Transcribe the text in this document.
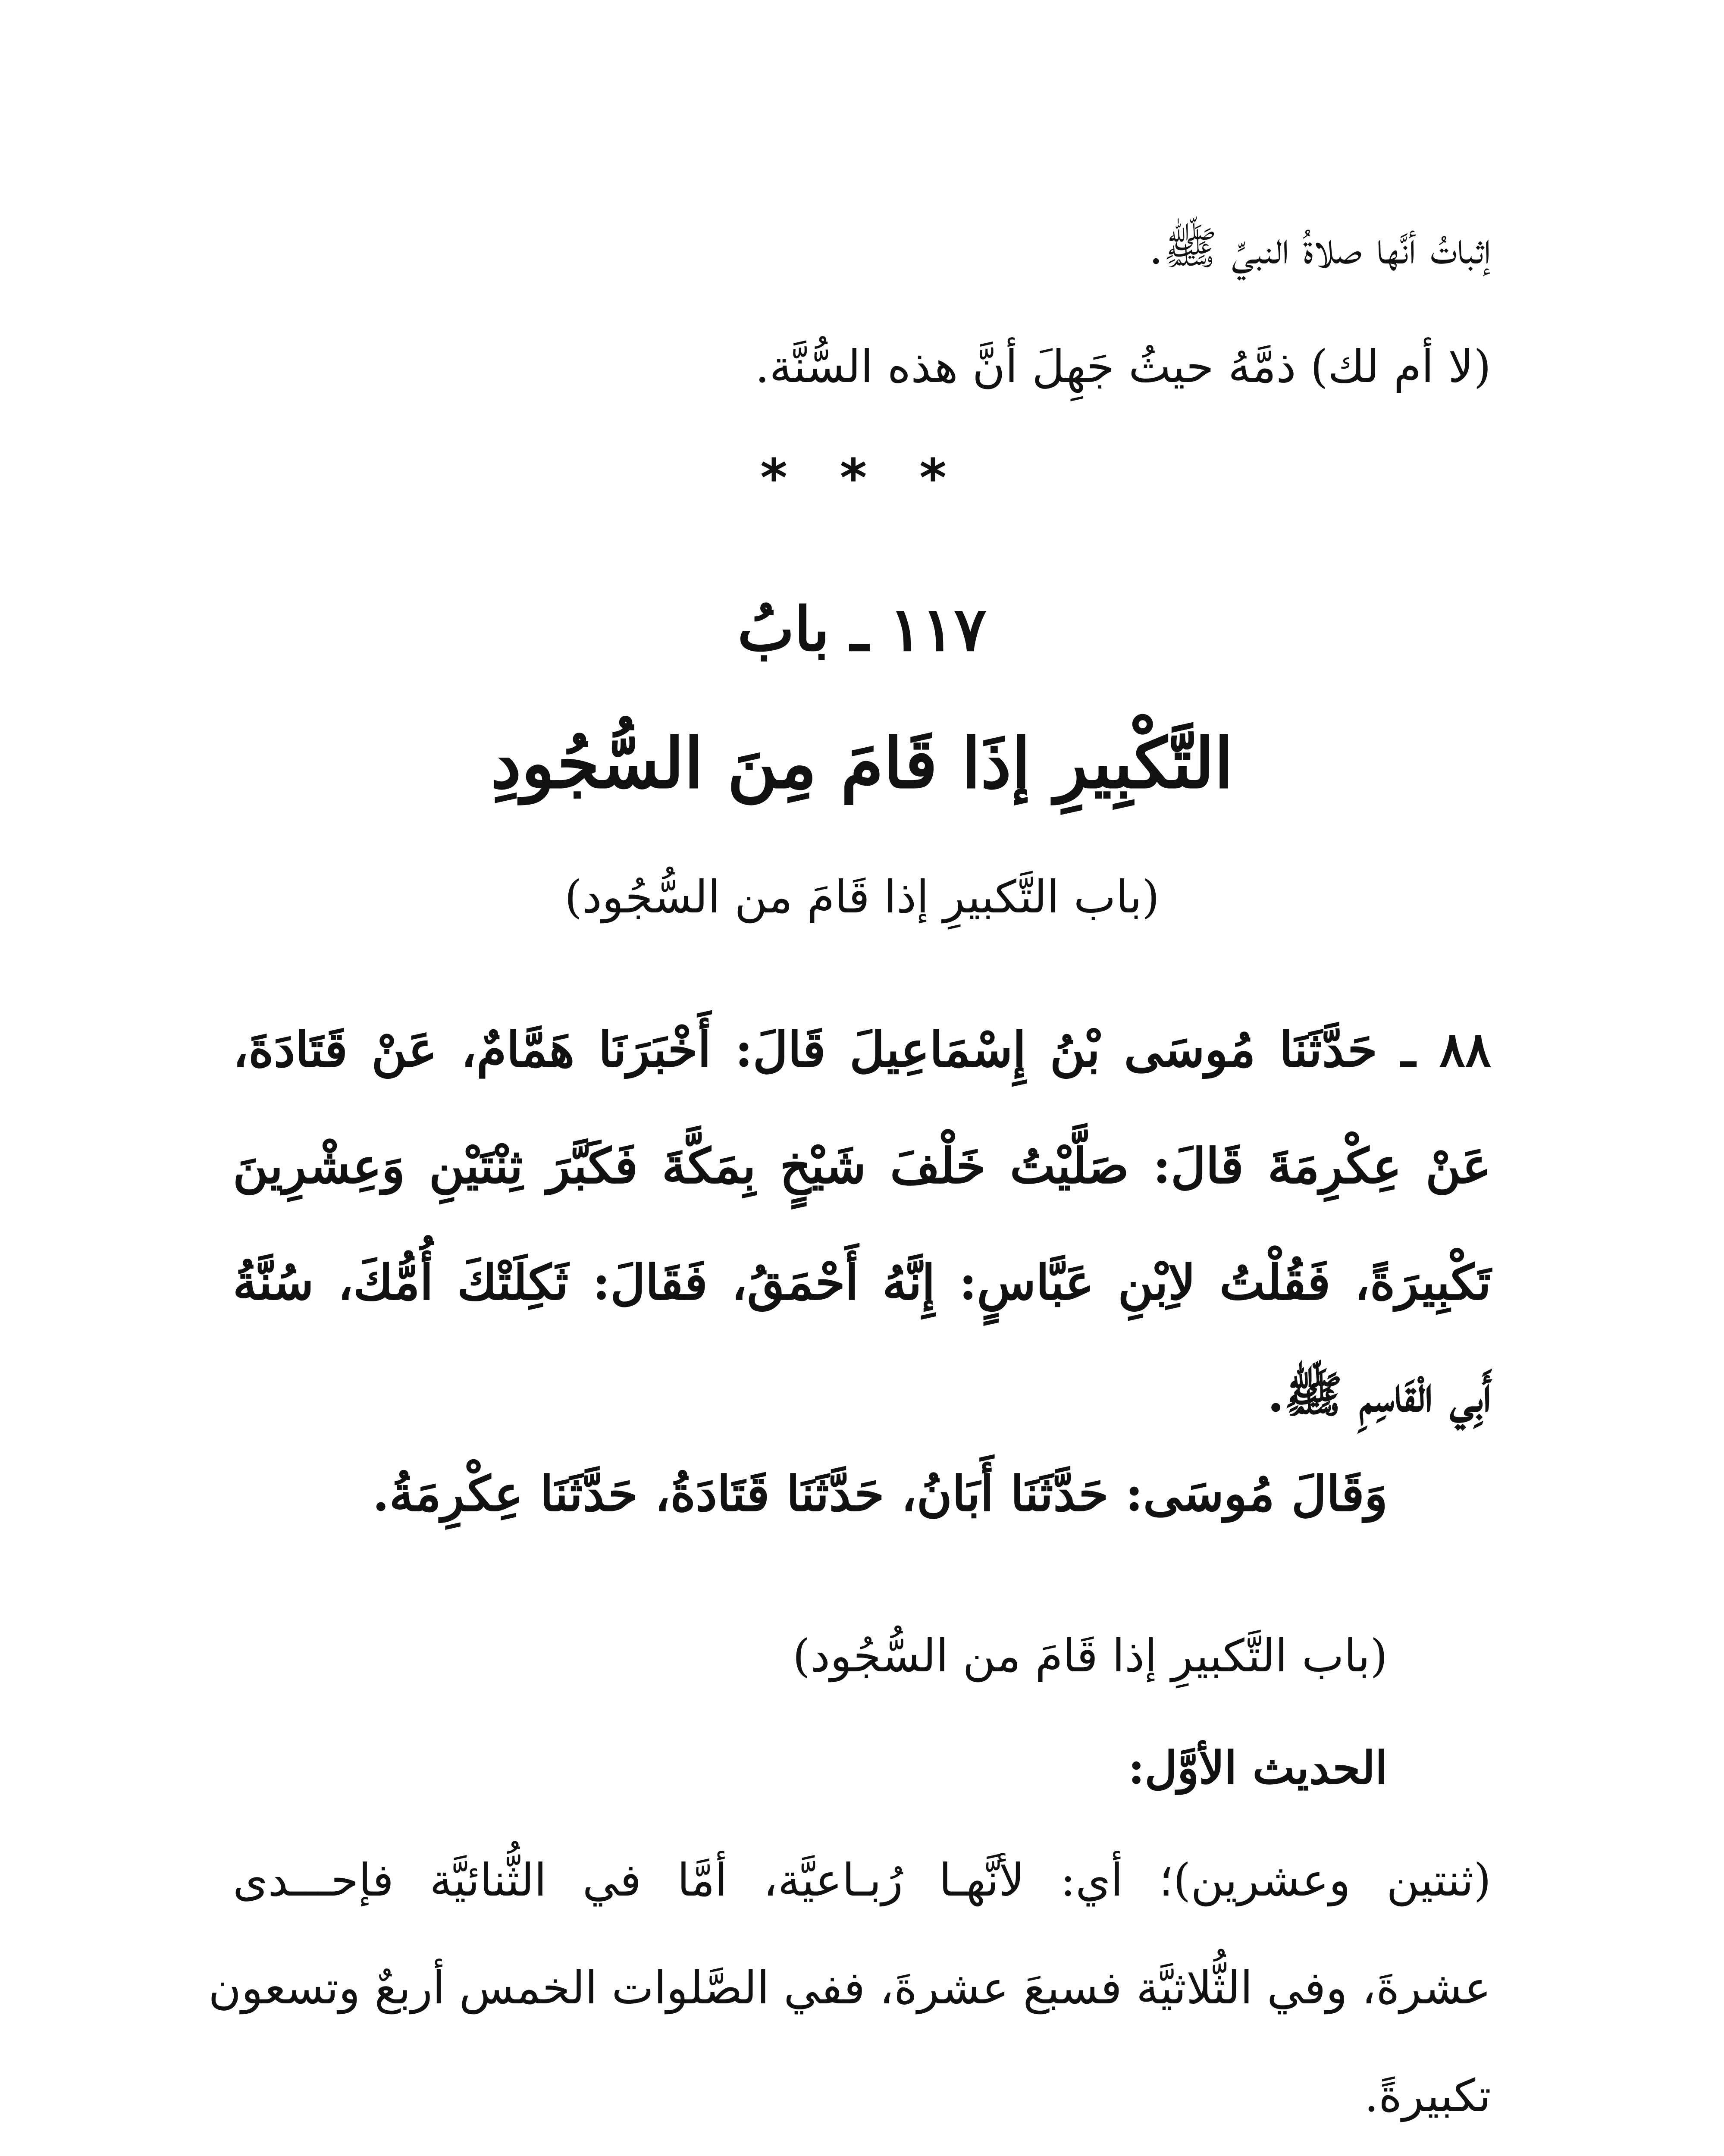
إثباتُ أنَّها صلاةُ النبيِّ ﷺ.
(لا أم لك) ذمَّهُ حيثُ جَهِلَ أنَّ هذه السُّنَّة.
* * *
١١٧ ـ بابُ
التَّكْبِيرِ إذَا قَامَ مِنَ السُّجُودِ
(باب التَّكبيرِ إذا قَامَ من السُّجُود)
٨٨ ـ حَدَّثَنَا مُوسَى بْنُ إِسْمَاعِيلَ قَالَ: أَخْبَرَنَا هَمَّامٌ، عَنْ قَتَادَةَ،
عَنْ عِكْرِمَةَ قَالَ: صَلَّيْتُ خَلْفَ شَيْخٍ بِمَكَّةَ فَكَبَّرَ ثِنْتَيْنِ وَعِشْرِينَ
تَكْبِيرَةً، فَقُلْتُ لاِبْنِ عَبَّاسٍ: إِنَّهُ أَحْمَقُ، فَقَالَ: ثَكِلَتْكَ أُمُّكَ، سُنَّةُ
أَبِي الْقَاسِمِ ﷺ.
وَقَالَ مُوسَى: حَدَّثَنَا أَبَانُ، حَدَّثَنَا قَتَادَةُ، حَدَّثَنَا عِكْرِمَةُ.
(باب التَّكبيرِ إذا قَامَ من السُّجُود)
الحديث الأوَّل:
(ثنتين وعشرين)؛ أي: لأنَّهـا رُبـاعيَّة، أمَّا في الثُّنائيَّة فإحـــدى
عشرةَ، وفي الثُّلاثيَّة فسبعَ عشرةَ، ففي الصَّلوات الخمس أربعٌ وتسعون
تكبيرةً.
